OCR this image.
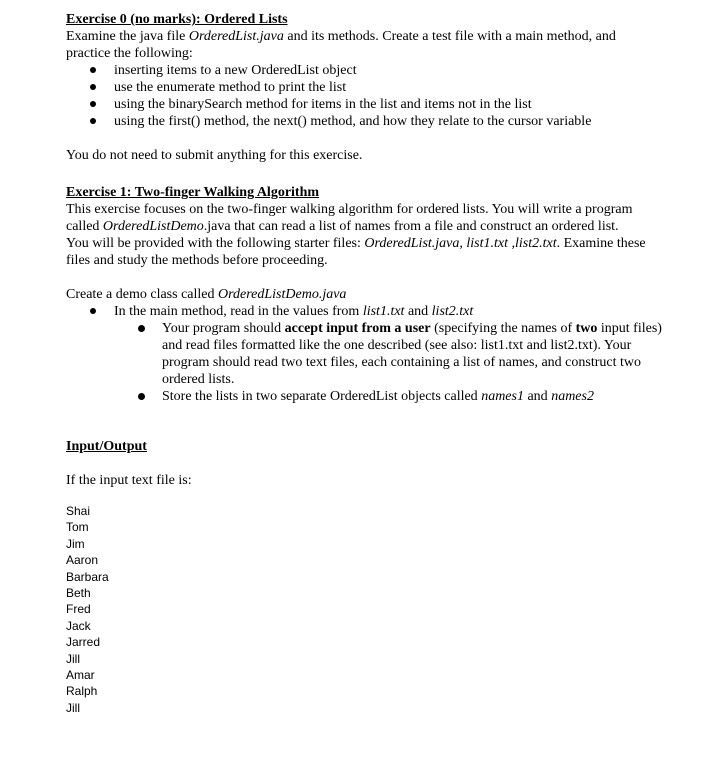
Exercise 0 (no marks): Ordered Lists

Examine the java file OrderedList.java and its methods. Create a test file with a main method, and

practice the following:

inserting items to a new OrderedList object
use the enumerate method to print the list
using the binarySearch method for items in the list and items not in the list
using the first() method, the next() method, and how they relate to the cursor variable

You do not need to submit anything for this exercise.

Exercise 1: Two-finger Walking Algorithm

This exercise focuses on the two-finger walking algorithm for ordered lists. You will write a program

called OrderedListDemo.java that can read a list of names from a file and construct an ordered list.

You will be provided with the following starter files: OrderedList.java, list1.txt ,list2.txt. Examine these

files and study the methods before proceeding.

Create a demo class called OrderedListDemo.java

In the main method, read in the values from list1.txt and list2.txt
Your program should accept input from a user (specifying the names of two input files)
and read files formatted like the one described (see also: list1.txt and list2.txt). Your
program should read two text files, each containing a list of names, and construct two
ordered lists.
Store the lists in two separate OrderedList objects called names1 and names2
Input/Output

If the input text file is:

Shai
Tom
Jim
Aaron
Barbara
Beth
Fred
Jack
Jarred
Jill
Amar
Ralph
Jill
